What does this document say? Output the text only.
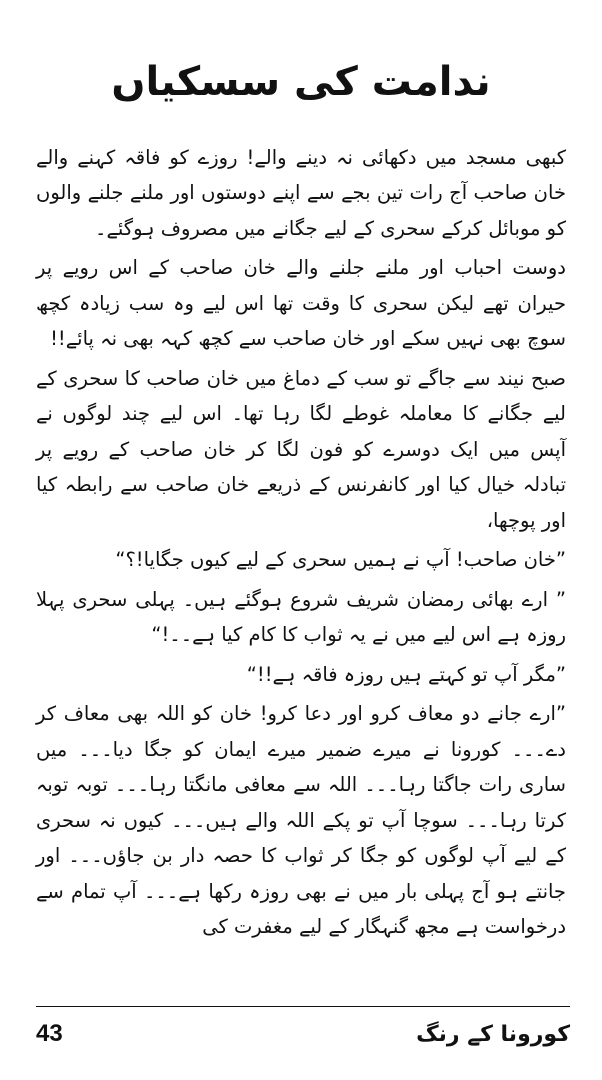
ندامت کی سسکیاں

کبھی مسجد میں دکھائی نہ دینے والے! روزے کو فاقہ کہنے والے خان صاحب آج رات تین بجے سے اپنے دوستوں اور ملنے جلنے والوں کو موبائل کرکے سحری کے لیے جگانے میں مصروف ہوگئے۔

دوست احباب اور ملنے جلنے والے خان صاحب کے اس رویے پر حیران تھے لیکن سحری کا وقت تھا اس لیے وہ سب زیادہ کچھ سوچ بھی نہیں سکے اور خان صاحب سے کچھ کہہ بھی نہ پائے!!

صبح نیند سے جاگے تو سب کے دماغ میں خان صاحب کا سحری کے لیے جگانے کا معاملہ غوطے لگا رہا تھا۔ اس لیے چند لوگوں نے آپس میں ایک دوسرے کو فون لگا کر خان صاحب کے رویے پر تبادلہ خیال کیا اور کانفرنس کے ذریعے خان صاحب سے رابطہ کیا اور پوچھا،

”خان صاحب! آپ نے ہمیں سحری کے لیے کیوں جگایا!؟“

” ارے بھائی رمضان شریف شروع ہوگئے ہیں۔ پہلی سحری پہلا روزہ ہے اس لیے میں نے یہ ثواب کا کام کیا ہے۔۔!“

”مگر آپ تو کہتے ہیں روزہ فاقہ ہے!!“

”ارے جانے دو معاف کرو اور دعا کرو! خان کو اللہ بھی معاف کر دے۔۔۔ کورونا نے میرے ضمیر میرے ایمان کو جگا دیا۔۔۔ میں ساری رات جاگتا رہا۔۔۔ اللہ سے معافی مانگتا رہا۔۔۔ توبہ توبہ کرتا رہا۔۔۔ سوچا آپ تو پکے اللہ والے ہیں۔۔۔ کیوں نہ سحری کے لیے آپ لوگوں کو جگا کر ثواب کا حصہ دار بن جاؤں۔۔۔ اور جانتے ہو آج پہلی بار میں نے بھی روزہ رکھا ہے۔۔۔ آپ تمام سے درخواست ہے مجھ گنہگار کے لیے مغفرت کی

43	کورونا کے رنگ
